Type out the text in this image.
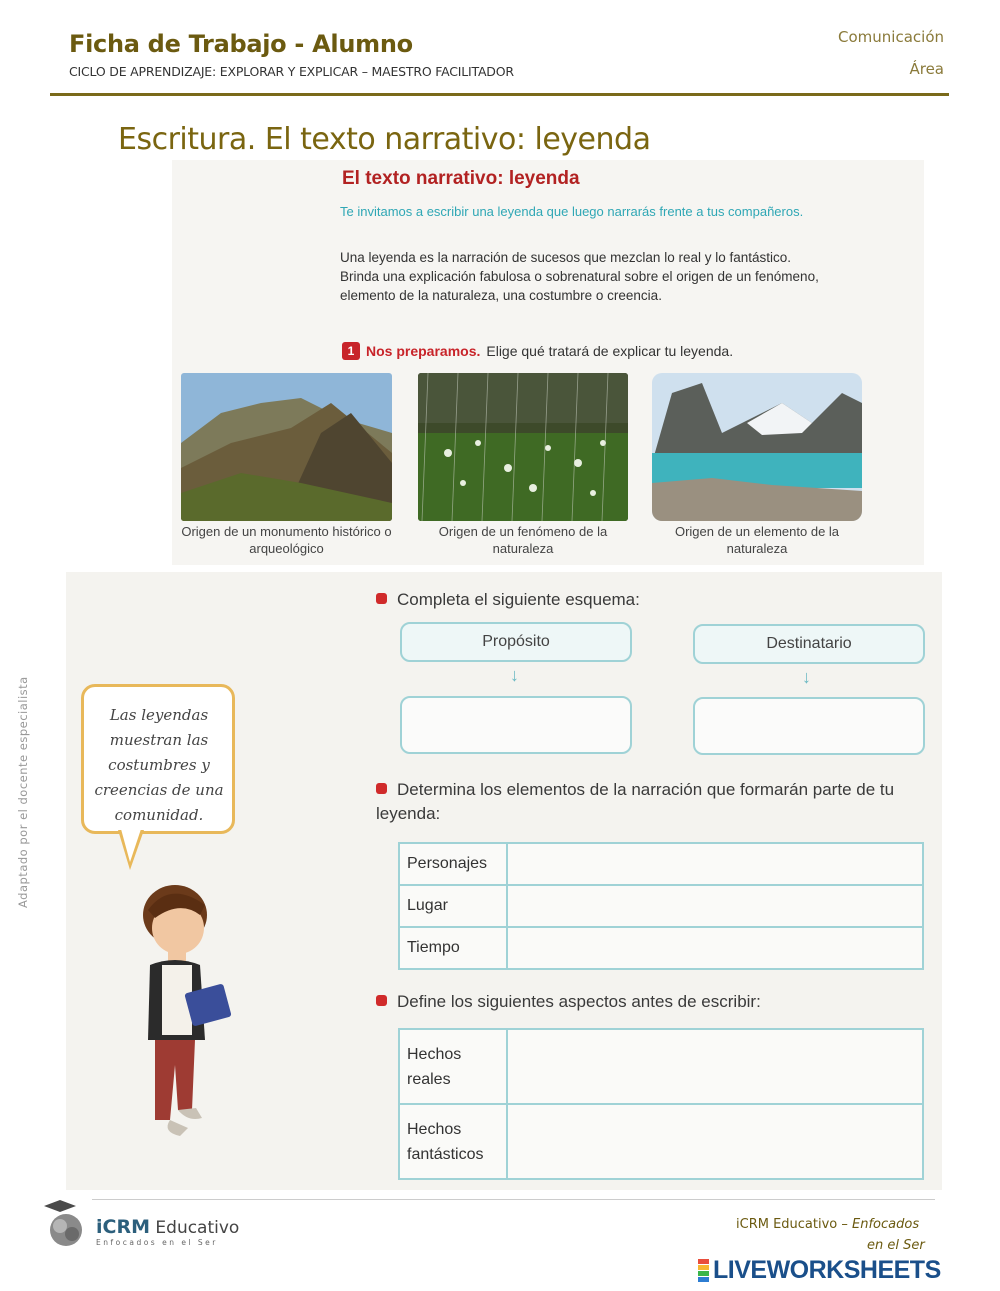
Ficha de Trabajo - Alumno
CICLO DE APRENDIZAJE: EXPLORAR Y EXPLICAR – MAESTRO FACILITADOR
Comunicación
Área
Escritura. El texto narrativo: leyenda
El texto narrativo: leyenda
Te invitamos a escribir una leyenda que luego narrarás frente a tus compañeros.
Una leyenda es la narración de sucesos que mezclan lo real y lo fantástico. Brinda una explicación fabulosa o sobrenatural sobre el origen de un fenómeno, elemento de la naturaleza, una costumbre o creencia.
1 Nos preparamos. Elige qué tratará de explicar tu leyenda.
Origen de un monumento histórico o arqueológico
Origen de un fenómeno de la naturaleza
Origen de un elemento de la naturaleza
Completa el siguiente esquema:
Propósito	Destinatario
↓	↓
Determina los elementos de la narración que formarán parte de tu leyenda:
Personajes	
Lugar	
Tiempo	
Define los siguientes aspectos antes de escribir:
Hechos reales	
Hechos fantásticos	
Las leyendas muestran las costumbres y creencias de una comunidad.
Adaptado por el docente especialista
iCRM Educativo
Enfocados en el Ser
iCRM Educativo – Enfocados
en el Ser
LIVEWORKSHEETS
